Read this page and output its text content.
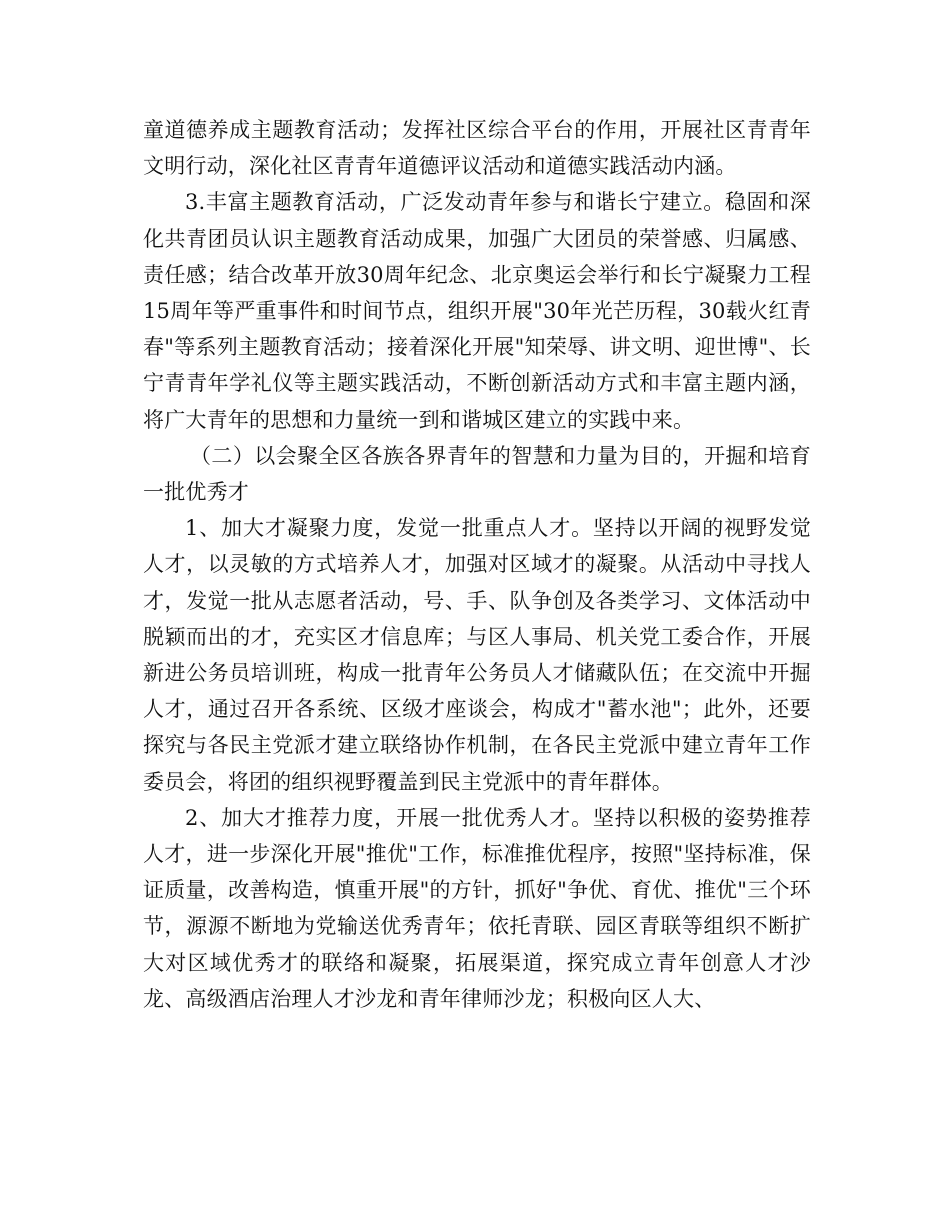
童道德养成主题教育活动；发挥社区综合平台的作用，开展社区青青年文明行动，深化社区青青年道德评议活动和道德实践活动内涵。

3.丰富主题教育活动，广泛发动青年参与和谐长宁建立。稳固和深化共青团员认识主题教育活动成果，加强广大团员的荣誉感、归属感、责任感；结合改革开放30周年纪念、北京奥运会举行和长宁凝聚力工程15周年等严重事件和时间节点，组织开展"30年光芒历程，30载火红青春"等系列主题教育活动；接着深化开展"知荣辱、讲文明、迎世博"、长宁青青年学礼仪等主题实践活动，不断创新活动方式和丰富主题内涵，将广大青年的思想和力量统一到和谐城区建立的实践中来。

（二）以会聚全区各族各界青年的智慧和力量为目的，开掘和培育一批优秀才

1、加大才凝聚力度，发觉一批重点人才。坚持以开阔的视野发觉人才，以灵敏的方式培养人才，加强对区域才的凝聚。从活动中寻找人才，发觉一批从志愿者活动，号、手、队争创及各类学习、文体活动中脱颖而出的才，充实区才信息库；与区人事局、机关党工委合作，开展新进公务员培训班，构成一批青年公务员人才储藏队伍；在交流中开掘人才，通过召开各系统、区级才座谈会，构成才"蓄水池"；此外，还要探究与各民主党派才建立联络协作机制，在各民主党派中建立青年工作委员会，将团的组织视野覆盖到民主党派中的青年群体。

2、加大才推荐力度，开展一批优秀人才。坚持以积极的姿势推荐人才，进一步深化开展"推优"工作，标准推优程序，按照"坚持标准，保证质量，改善构造，慎重开展"的方针，抓好"争优、育优、推优"三个环节，源源不断地为党输送优秀青年；依托青联、园区青联等组织不断扩大对区域优秀才的联络和凝聚，拓展渠道，探究成立青年创意人才沙龙、高级酒店治理人才沙龙和青年律师沙龙；积极向区人大、
